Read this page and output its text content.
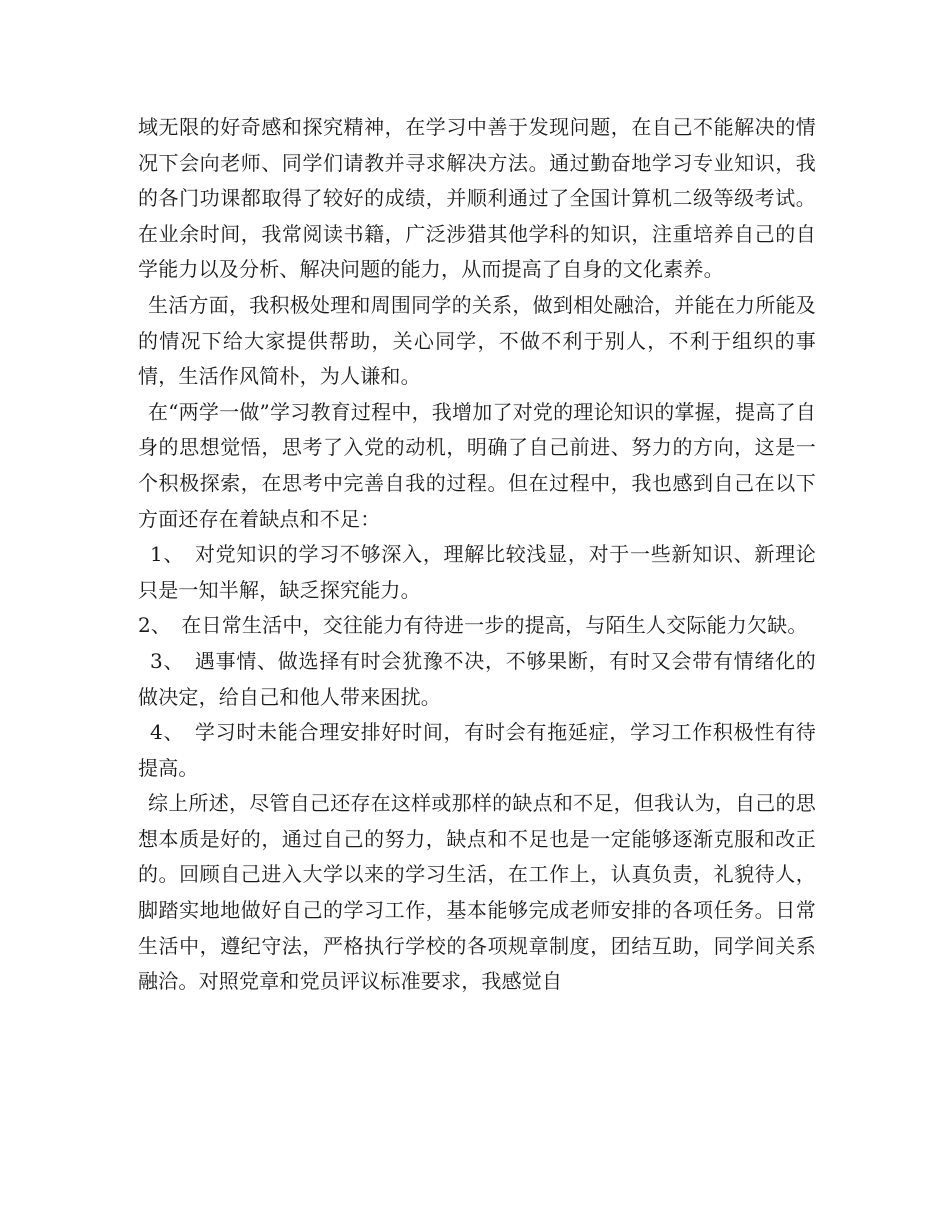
域无限的好奇感和探究精神，在学习中善于发现问题，在自己不能解决的情况下会向老师、同学们请教并寻求解决方法。通过勤奋地学习专业知识，我的各门功课都取得了较好的成绩，并顺利通过了全国计算机二级等级考试。在业余时间，我常阅读书籍，广泛涉猎其他学科的知识，注重培养自己的自学能力以及分析、解决问题的能力，从而提高了自身的文化素养。

生活方面，我积极处理和周围同学的关系，做到相处融洽，并能在力所能及的情况下给大家提供帮助，关心同学，不做不利于别人，不利于组织的事情，生活作风简朴，为人谦和。

在“两学一做”学习教育过程中，我增加了对党的理论知识的掌握，提高了自身的思想觉悟，思考了入党的动机，明确了自己前进、努力的方向，这是一个积极探索，在思考中完善自我的过程。但在过程中，我也感到自己在以下方面还存在着缺点和不足：

1、　对党知识的学习不够深入，理解比较浅显，对于一些新知识、新理论只是一知半解，缺乏探究能力。

2、　在日常生活中，交往能力有待进一步的提高，与陌生人交际能力欠缺。

3、　遇事情、做选择有时会犹豫不决，不够果断，有时又会带有情绪化的做决定，给自己和他人带来困扰。

4、　学习时未能合理安排好时间，有时会有拖延症，学习工作积极性有待提高。

综上所述，尽管自己还存在这样或那样的缺点和不足，但我认为，自己的思想本质是好的，通过自己的努力，缺点和不足也是一定能够逐渐克服和改正的。回顾自己进入大学以来的学习生活，在工作上，认真负责，礼貌待人，脚踏实地地做好自己的学习工作，基本能够完成老师安排的各项任务。日常生活中，遵纪守法，严格执行学校的各项规章制度，团结互助，同学间关系融洽。对照党章和党员评议标准要求，我感觉自
